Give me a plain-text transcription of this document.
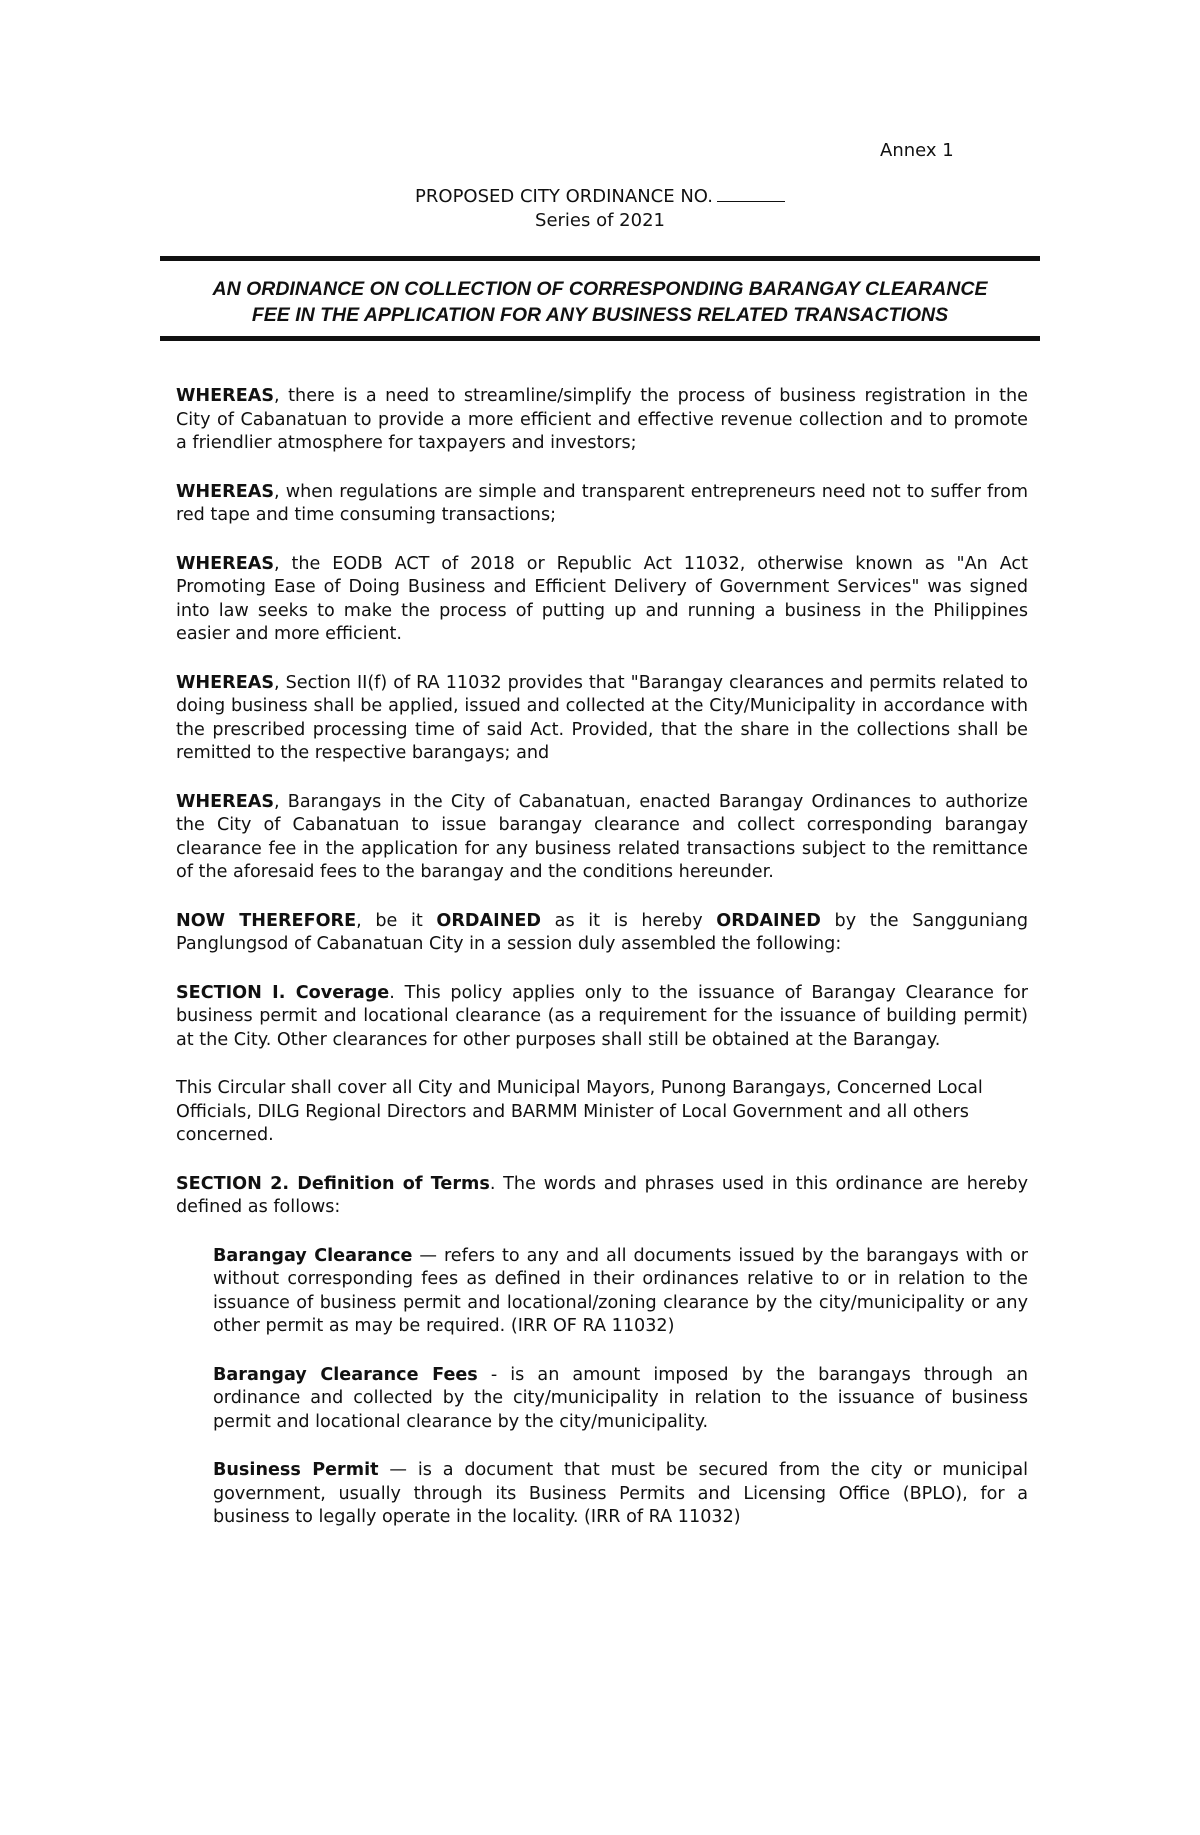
Annex 1
PROPOSED CITY ORDINANCE NO.
Series of 2021
AN ORDINANCE ON COLLECTION OF CORRESPONDING BARANGAY CLEARANCE
FEE IN THE APPLICATION FOR ANY BUSINESS RELATED TRANSACTIONS

WHEREAS, there is a need to streamline/simplify the process of business registration in the City of Cabanatuan to provide a more efficient and effective revenue collection and to promote a friendlier atmosphere for taxpayers and investors;

WHEREAS, when regulations are simple and transparent entrepreneurs need not to suffer from red tape and time consuming transactions;

WHEREAS, the EODB ACT of 2018 or Republic Act 11032, otherwise known as "An Act Promoting Ease of Doing Business and Efficient Delivery of Government Services" was signed into law seeks to make the process of putting up and running a business in the Philippines easier and more efficient.

WHEREAS, Section II(f) of RA 11032 provides that "Barangay clearances and permits related to doing business shall be applied, issued and collected at the City/Municipality in accordance with the prescribed processing time of said Act. Provided, that the share in the collections shall be remitted to the respective barangays; and

WHEREAS, Barangays in the City of Cabanatuan, enacted Barangay Ordinances to authorize the City of Cabanatuan to issue barangay clearance and collect corresponding barangay clearance fee in the application for any business related transactions subject to the remittance of the aforesaid fees to the barangay and the conditions hereunder.

NOW THEREFORE, be it ORDAINED as it is hereby ORDAINED by the Sangguniang Panglungsod of Cabanatuan City in a session duly assembled the following:

SECTION I. Coverage. This policy applies only to the issuance of Barangay Clearance for business permit and locational clearance (as a requirement for the issuance of building permit) at the City. Other clearances for other purposes shall still be obtained at the Barangay.

This Circular shall cover all City and Municipal Mayors, Punong Barangays, Concerned Local Officials, DILG Regional Directors and BARMM Minister of Local Government and all others concerned.

SECTION 2. Definition of Terms. The words and phrases used in this ordinance are hereby defined as follows:

Barangay Clearance — refers to any and all documents issued by the barangays with or without corresponding fees as defined in their ordinances relative to or in relation to the issuance of business permit and locational/zoning clearance by the city/municipality or any other permit as may be required. (IRR OF RA 11032)

Barangay Clearance Fees - is an amount imposed by the barangays through an ordinance and collected by the city/municipality in relation to the issuance of business permit and locational clearance by the city/municipality.

Business Permit — is a document that must be secured from the city or municipal government, usually through its Business Permits and Licensing Office (BPLO), for a business to legally operate in the locality. (IRR of RA 11032)
